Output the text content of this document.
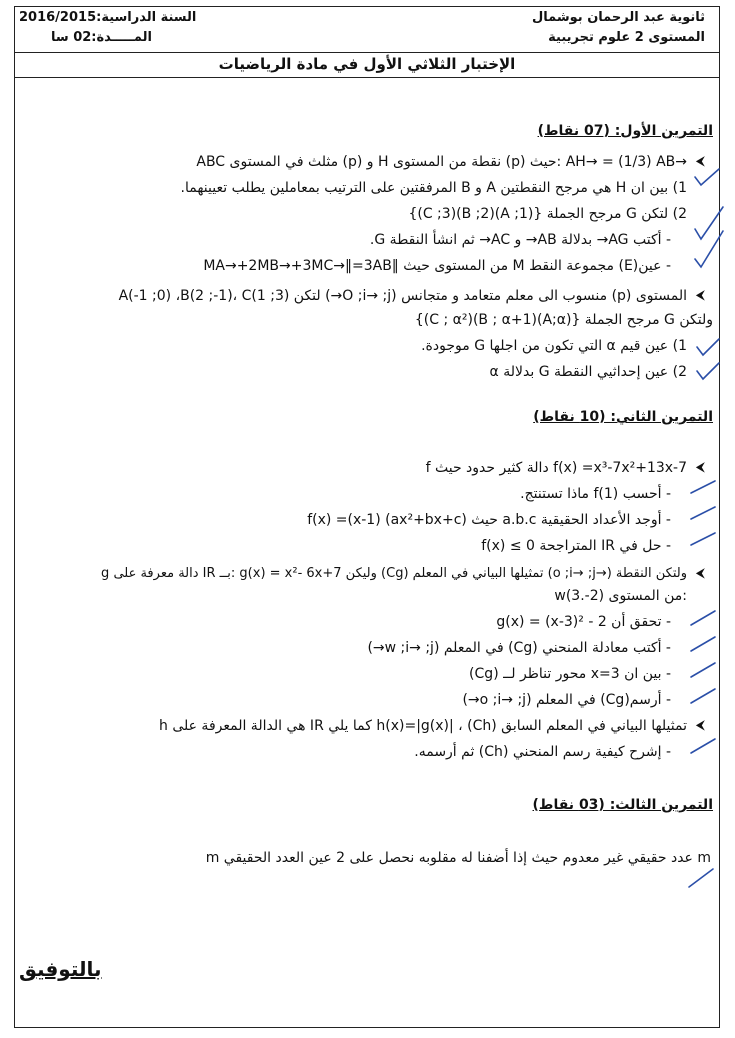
ثانوية عبد الرحمان بوشمال
المستوى 2 علوم تجريبية
السنة الدراسية:2016/2015
المـــــدة:02 سا
الإختبار الثلاثي الأول في مادة الرياضيات
التمرين الأول: (07 نقاط)
ABC مثلث في المستوى (p) و H نقطة من المستوى (p) حيث: AH→ = (1/3) AB→
1) بين ان H هي مرجح النقطتين A و B المرفقتين على الترتيب بمعاملين يطلب تعيينهما.
2) لتكن G مرجح الجملة {(A ;1)(B ;2)(C ;3)}
- أكتب AG→ بدلالة AB→ و AC→ ثم انشأ النقطة G.
- عين(E) مجموعة النقط M من المستوى حيث ‖MA→+2MB→+3MC→‖=3AB
المستوى (p) منسوب الى معلم متعامد و متجانس (O ;i→ ;j→) لتكن A(-1 ;0) ،B(2 ;-1)، C(1 ;3)
ولتكن G مرجح الجملة {(A;α)(B ; α+1)(C ; α²)}
1) عين قيم α التي تكون من اجلها G موجودة.
2) عين إحداثيي النقطة G بدلالة α
التمرين الثاني: (10 نقاط)
f دالة كثير حدود حيث f(x) =x³-7x²+13x-7
- أحسب f(1) ماذا تستنتج.
- أوجد الأعداد الحقيقية a.b.c حيث f(x) =(x-1) (ax²+bx+c)
- حل في IR المتراجحة f(x) ≤ 0
g دالة معرفة على IR بــ: g(x) = x²- 6x+7 وليكن (Cg) تمثيلها البياني في المعلم (o ;i→ ;j→) ولتكن النقطة
w(3.-2) من المستوى:
- تحقق أن g(x) = (x-3)² - 2
- أكتب معادلة المنحني (Cg) في المعلم (w ;i→ ;j→)
- بين ان x=3 محور تناظر لــ (Cg)
- أرسم(Cg) في المعلم (o ;i→ ;j→)
h هي الدالة المعرفة على IR كما يلي h(x)=|g(x)| ، (Ch) تمثيلها البياني في المعلم السابق
- إشرح كيفية رسم المنحني (Ch) ثم أرسمه.
التمرين الثالث: (03 نقاط)
m عدد حقيقي غير معدوم حيث إذا أضفنا له مقلوبه نحصل على 2 عين العدد الحقيقي m
بالتوفيق
⮜
⮜
⮜
⮜
⮜
